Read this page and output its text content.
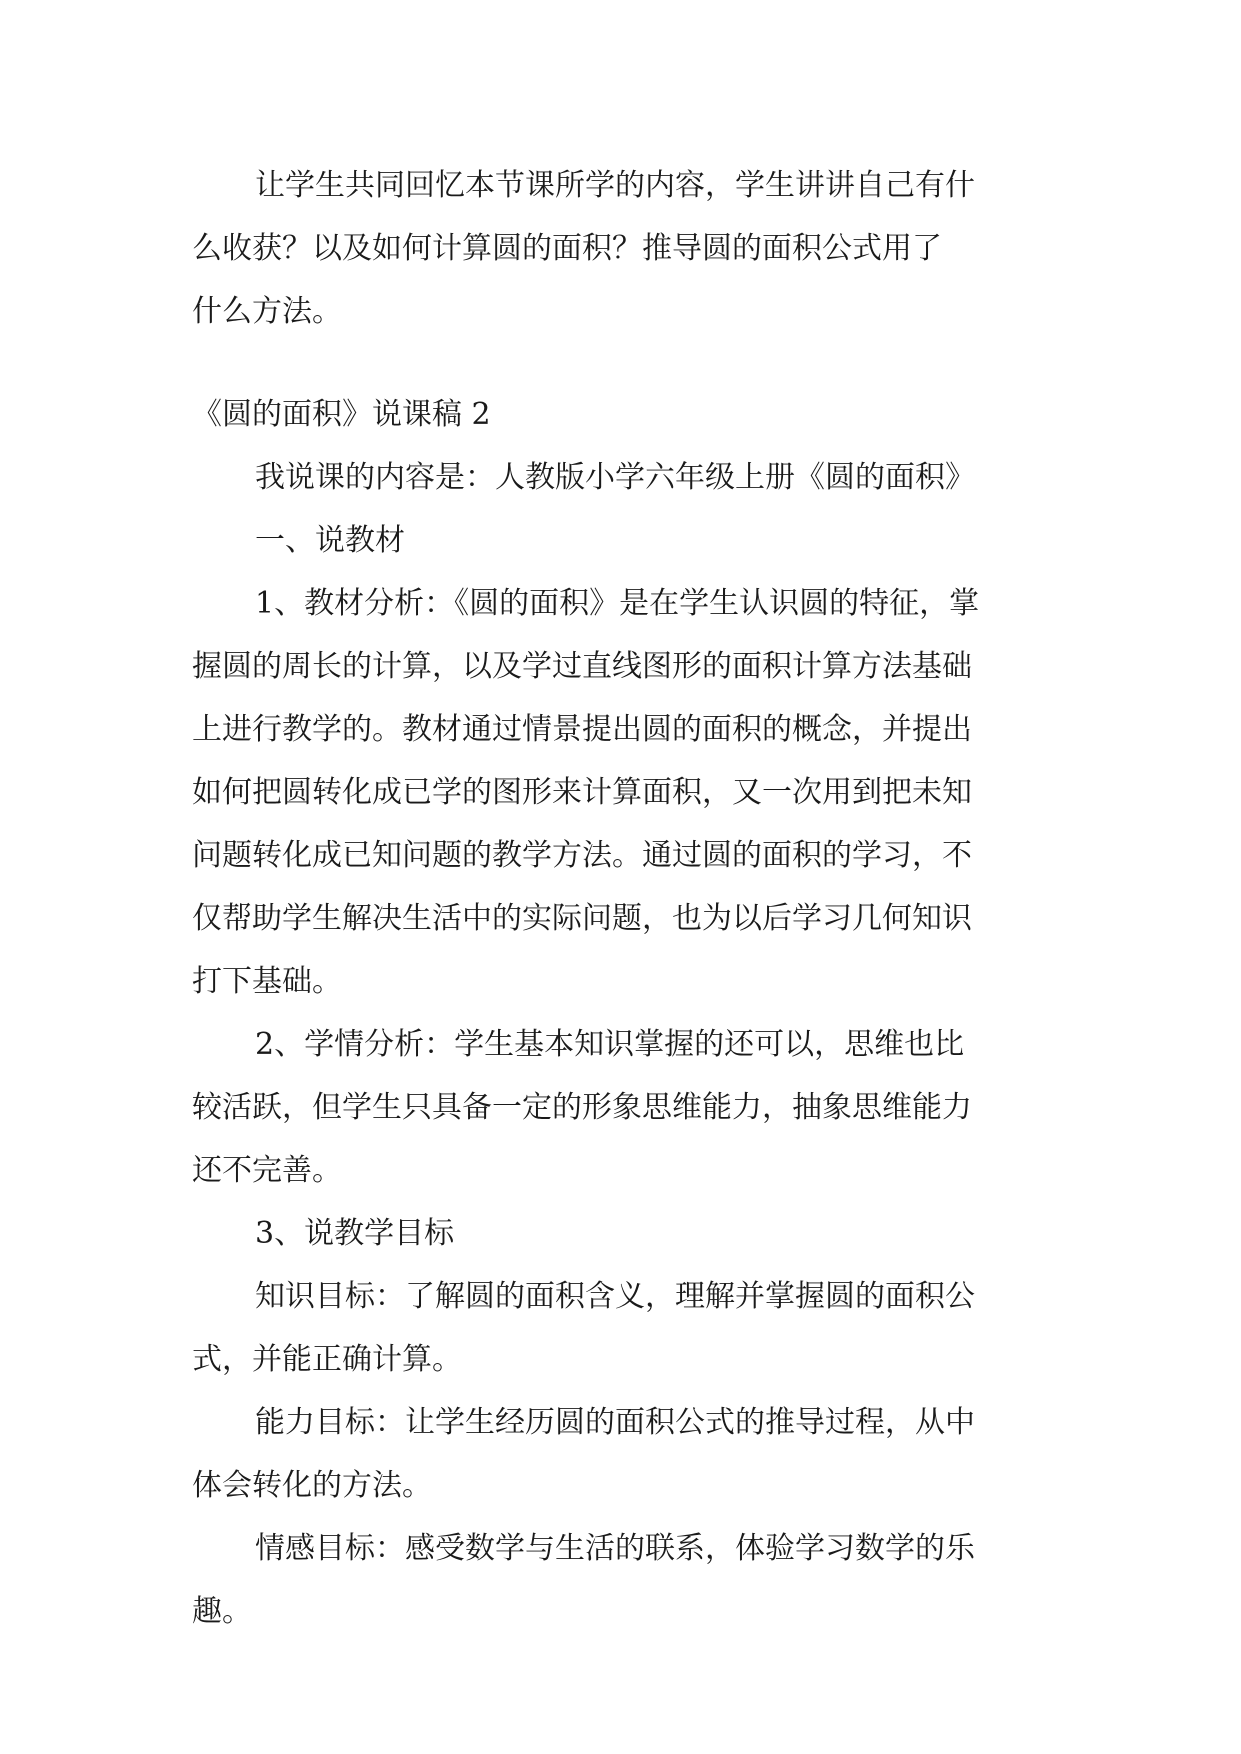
让学生共同回忆本节课所学的内容，学生讲讲自己有什
么收获？以及如何计算圆的面积？推导圆的面积公式用了
什么方法。
《圆的面积》说课稿 2
我说课的内容是：人教版小学六年级上册《圆的面积》
一、说教材
1、教材分析：《圆的面积》是在学生认识圆的特征，掌
握圆的周长的计算，以及学过直线图形的面积计算方法基础
上进行教学的。教材通过情景提出圆的面积的概念，并提出
如何把圆转化成已学的图形来计算面积，又一次用到把未知
问题转化成已知问题的教学方法。通过圆的面积的学习，不
仅帮助学生解决生活中的实际问题，也为以后学习几何知识
打下基础。
2、学情分析：学生基本知识掌握的还可以，思维也比
较活跃，但学生只具备一定的形象思维能力，抽象思维能力
还不完善。
3、说教学目标
知识目标：了解圆的面积含义，理解并掌握圆的面积公
式，并能正确计算。
能力目标：让学生经历圆的面积公式的推导过程，从中
体会转化的方法。
情感目标：感受数学与生活的联系，体验学习数学的乐
趣。
